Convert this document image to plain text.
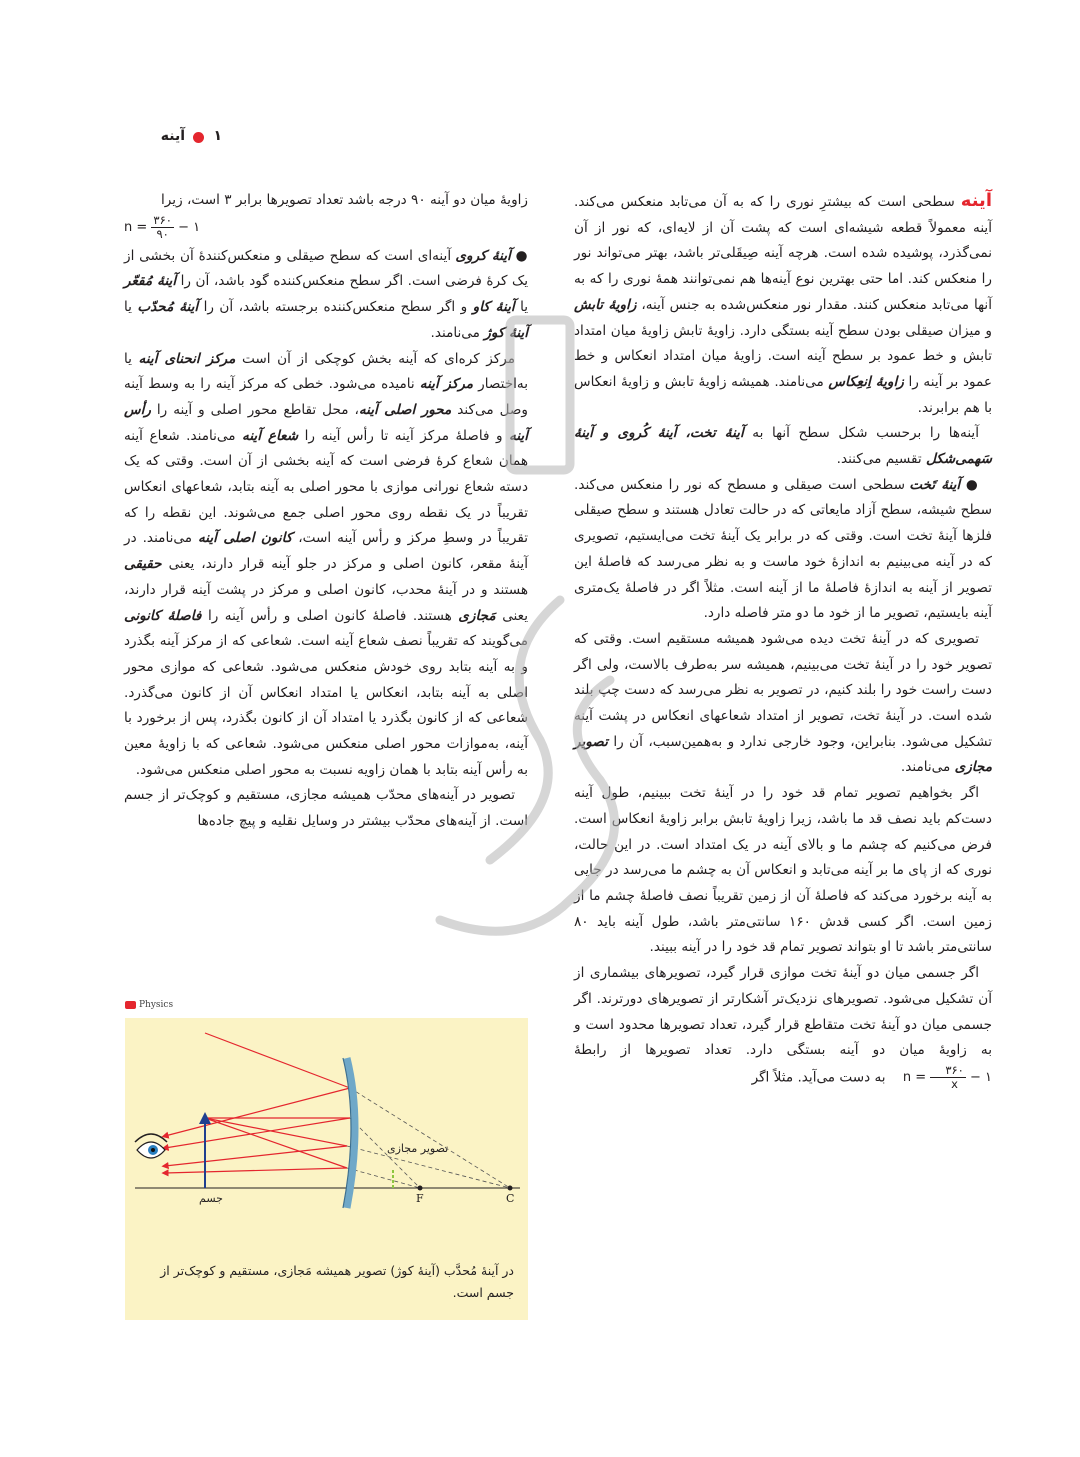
آینه ۱

آینه سطحی است که بیشترِ نوری را که به آن می‌تابد منعکس می‌کند. آینه معمولاً قطعه شیشه‌ای است که پشت آن از لایه‌ای، که نور از آن نمی‌گذرد، پوشیده شده است. هرچه آینه صِیقَلی‌تر باشد، بهتر می‌تواند نور را منعکس کند. اما حتی بهترین نوع آینه‌ها هم نمی‌توانند همهٔ نوری را که به آنها می‌تابد منعکس کنند. مقدار نور منعکس‌شده به جنس آینه، زاویهٔ تابش و میزان صیقلی بودن سطح آینه بستگی دارد. زاویهٔ تابش زاویهٔ میان امتداد تابش و خط عمود بر سطح آینه است. زاویهٔ میان امتداد انعکاس و خط عمود بر آینه را زاویهٔ اِنعِکاس می‌نامند. همیشه زاویهٔ تابش و زاویهٔ انعکاس با هم برابرند.

آینه‌ها را برحسب شکل سطح آنها به آینهٔ تخت، آینهٔ کُروی و آینهٔ سَهمی‌شکل تقسیم می‌کنند.

● آینهٔ تَخت سطحی است صیقلی و مسطح که نور را منعکس می‌کند. سطح شیشه، سطح آزاد مایعاتی که در حالت تعادل هستند و سطح صیقلی فلزها آینهٔ تخت است. وقتی که در برابر یک آینهٔ تخت می‌ایستیم، تصویری که در آینه می‌بینیم به اندازهٔ خود ماست و به نظر می‌رسد که فاصلهٔ این تصویر از آینه به اندازهٔ فاصلهٔ ما از آینه است. مثلاً اگر در فاصلهٔ یک‌متری آینه بایستیم، تصویر ما از خود ما دو متر فاصله دارد.

تصویری که در آینهٔ تخت دیده می‌شود همیشه مستقیم است. وقتی که تصویر خود را در آینهٔ تخت می‌بینیم، همیشه سر به‌طرف بالاست، ولی اگر دست راست خود را بلند کنیم، در تصویر به نظر می‌رسد که دست چپ بلند شده است. در آینهٔ تخت، تصویر از امتداد شعاعهای انعکاس در پشت آینه تشکیل می‌شود. بنابراین، وجود خارجی ندارد و به‌همین‌سبب، آن را تصویر مجازی می‌نامند.

اگر بخواهیم تصویر تمام قد خود را در آینهٔ تخت ببینیم، طول آینه دست‌کم باید نصف قد ما باشد، زیرا زاویهٔ تابش برابر زاویهٔ انعکاس است. فرض می‌کنیم که چشم ما و بالای آینه در یک امتداد است. در این حالت، نوری که از پای ما بر آینه می‌تابد و انعکاس آن به چشم ما می‌رسد در جایی به آینه برخورد می‌کند که فاصلهٔ آن از زمین تقریباً نصف فاصلهٔ چشم ما از زمین است. اگر کسی قدش ۱۶۰ سانتی‌متر باشد، طول آینه باید ۸۰ سانتی‌متر باشد تا او بتواند تصویر تمام قد خود را در آینه ببیند.

اگر جسمی میان دو آینهٔ تخت موازی قرار گیرد، تصویرهای بیشماری از آن تشکیل می‌شود. تصویرهای نزدیک‌تر آشکارتر از تصویرهای دورترند. اگر جسمی میان دو آینهٔ تخت متقاطع قرار گیرد، تعداد تصویرها محدود است و به زاویهٔ میان دو آینه بستگی دارد. تعداد تصویرها از رابطهٔ $n = \frac{۳۶۰}{x}$ − ۱ به دست می‌آید. مثلاً اگر

زاویهٔ میان دو آینه ۹۰ درجه باشد تعداد تصویرها برابر ۳ است، زیرا

$n = \frac{۳۶۰}{۹۰}$ − ۱

● آینهٔ کروی آینه‌ای است که سطح صیقلی و منعکس‌کنندهٔ آن بخشی از یک کرهٔ فرضی است. اگر سطح منعکس‌کننده گود باشد، آن را آینهٔ مُقعّر یا آینهٔ کاو و اگر سطح منعکس‌کننده برجسته باشد، آن را آینهٔ مُحدّب یا آینهٔ کوژ می‌نامند.

مرکز کره‌ای که آینه بخش کوچکی از آن است مرکز انحنای آینه یا به‌اختصار مرکز آینه نامیده می‌شود. خطی که مرکز آینه را به وسط آینه وصل می‌کند محور اصلی آینه، محل تقاطع محور اصلی و آینه را رأس آینه و فاصلهٔ مرکز آینه تا رأس آینه را شعاع آینه می‌نامند. شعاع آینه همان شعاع کرهٔ فرضی است که آینه بخشی از آن است. وقتی که یک دسته شعاع نورانی موازی با محور اصلی به آینه بتابد، شعاعهای انعکاس تقریباً در یک نقطه روی محور اصلی جمع می‌شوند. این نقطه را که تقریباً در وسطِ مرکز و رأس آینه است، کانون اصلی آینه می‌نامند. در آینهٔ مقعر، کانون اصلی و مرکز در جلو آینه قرار دارند، یعنی حقیقی هستند و در آینهٔ محدب، کانون اصلی و مرکز در پشت آینه قرار دارند، یعنی مَجازی هستند. فاصلهٔ کانون اصلی و رأس آینه را فاصلهٔ کانونی می‌گویند که تقریباً نصف شعاع آینه است. شعاعی که از مرکز آینه بگذرد و به آینه بتابد روی خودش منعکس می‌شود. شعاعی که موازی محور اصلی به آینه بتابد، انعکاس یا امتداد انعکاس آن از کانون می‌گذرد. شعاعی که از کانون بگذرد یا امتداد آن از کانون بگذرد، پس از برخورد با آینه، به‌موازات محور اصلی منعکس می‌شود. شعاعی که با زاویهٔ معین به رأس آینه بتابد با همان زاویه نسبت به محور اصلی منعکس می‌شود.

تصویر در آینه‌های محدّب همیشه مجازی، مستقیم و کوچک‌تر از جسم است. از آینه‌های محدّب بیشتر در وسایل نقلیه و پیچ جاده‌ها

Physics
تصویر مجازی
جسم	F	C
در آینهٔ مُحدَّب (آینهٔ کوژ) تصویر همیشه مَجازی، مستقیم و کوچک‌تر از جسم است.
